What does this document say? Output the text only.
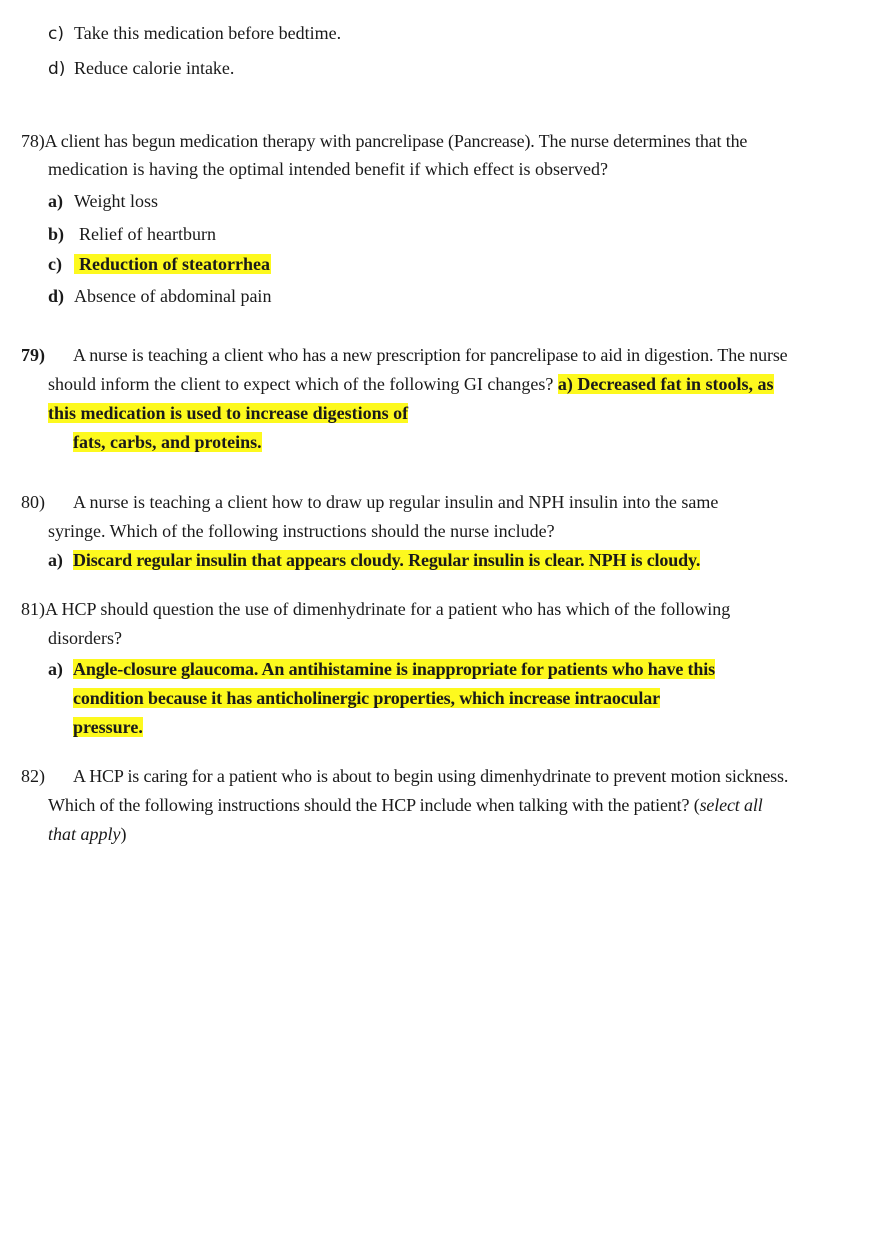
c) Take this medication before bedtime.
d) Reduce calorie intake.
78)A client has begun medication therapy with pancrelipase (Pancrease). The nurse determines that the
medication is having the optimal intended benefit if which effect is observed?
a) Weight loss
b) Relief of heartburn
c) Reduction of steatorrhea
d) Absence of abdominal pain
79) A nurse is teaching a client who has a new prescription for pancrelipase to aid in digestion. The nurse
should inform the client to expect which of the following GI changes? a) Decreased fat in stools, as
this medication is used to increase digestions of
fats, carbs, and proteins.
80) A nurse is teaching a client how to draw up regular insulin and NPH insulin into the same
syringe. Which of the following instructions should the nurse include?
a) Discard regular insulin that appears cloudy. Regular insulin is clear. NPH is cloudy.
81)A HCP should question the use of dimenhydrinate for a patient who has which of the following
disorders?
a) Angle-closure glaucoma. An antihistamine is inappropriate for patients who have this
condition because it has anticholinergic properties, which increase intraocular
pressure.
82) A HCP is caring for a patient who is about to begin using dimenhydrinate to prevent motion sickness.
Which of the following instructions should the HCP include when talking with the patient? (select all
that apply)
